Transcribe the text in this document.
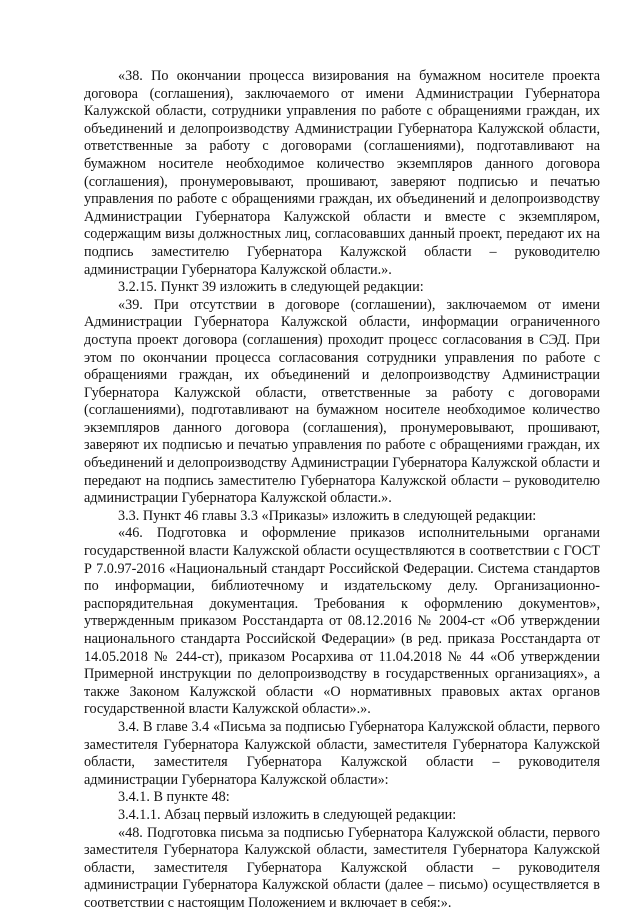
«38. По окончании процесса визирования на бумажном носителе проекта договора (соглашения), заключаемого от имени Администрации Губернатора Калужской области, сотрудники управления по работе с обращениями граждан, их объединений и делопроизводству Администрации Губернатора Калужской области, ответственные за работу с договорами (соглашениями), подготавливают на бумажном носителе необходимое количество экземпляров данного договора (соглашения), пронумеровывают, прошивают, заверяют подписью и печатью управления по работе с обращениями граждан, их объединений и делопроизводству Администрации Губернатора Калужской области и вместе с экземпляром, содержащим визы должностных лиц, согласовавших данный проект, передают их на подпись заместителю Губернатора Калужской области – руководителю администрации Губернатора Калужской области.».

3.2.15. Пункт 39 изложить в следующей редакции:

«39. При отсутствии в договоре (соглашении), заключаемом от имени Администрации Губернатора Калужской области, информации ограниченного доступа проект договора (соглашения) проходит процесс согласования в СЭД. При этом по окончании процесса согласования сотрудники управления по работе с обращениями граждан, их объединений и делопроизводству Администрации Губернатора Калужской области, ответственные за работу с договорами (соглашениями), подготавливают на бумажном носителе необходимое количество экземпляров данного договора (соглашения), пронумеровывают, прошивают, заверяют их подписью и печатью управления по работе с обращениями граждан, их объединений и делопроизводству Администрации Губернатора Калужской области и передают на подпись заместителю Губернатора Калужской области – руководителю администрации Губернатора Калужской области.».

3.3. Пункт 46 главы 3.3 «Приказы» изложить в следующей редакции:

«46. Подготовка и оформление приказов исполнительными органами государственной власти Калужской области осуществляются в соответствии с ГОСТ Р 7.0.97-2016 «Национальный стандарт Российской Федерации. Система стандартов по информации, библиотечному и издательскому делу. Организационно-распорядительная документация. Требования к оформлению документов», утвержденным приказом Росстандарта от 08.12.2016 № 2004-ст «Об утверждении национального стандарта Российской Федерации» (в ред. приказа Росстандарта от 14.05.2018 № 244-ст), приказом Росархива от 11.04.2018 № 44 «Об утверждении Примерной инструкции по делопроизводству в государственных организациях», а также Законом Калужской области «О нормативных правовых актах органов государственной власти Калужской области».».

3.4. В главе 3.4 «Письма за подписью Губернатора Калужской области, первого заместителя Губернатора Калужской области, заместителя Губернатора Калужской области, заместителя Губернатора Калужской области – руководителя администрации Губернатора Калужской области»:

3.4.1. В пункте 48:

3.4.1.1. Абзац первый изложить в следующей редакции:

«48. Подготовка письма за подписью Губернатора Калужской области, первого заместителя Губернатора Калужской области, заместителя Губернатора Калужской области, заместителя Губернатора Калужской области – руководителя администрации Губернатора Калужской области (далее – письмо) осуществляется в соответствии с настоящим Положением и включает в себя:».
